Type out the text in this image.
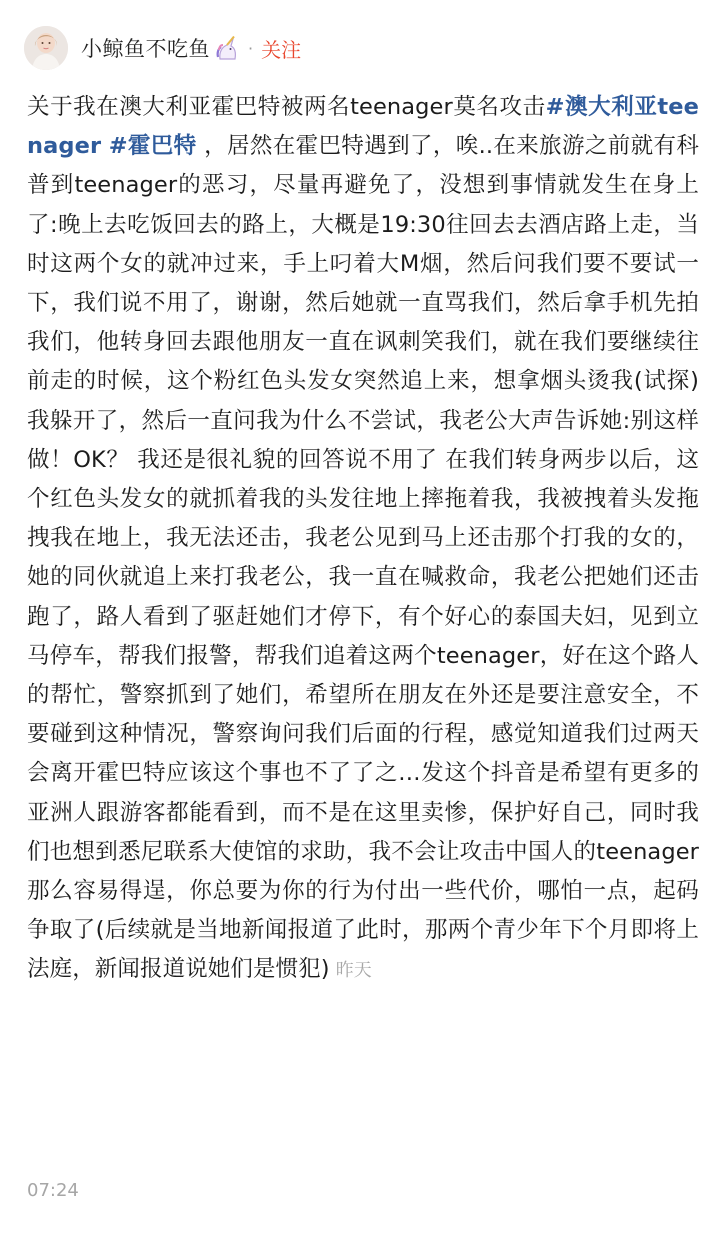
小鲸鱼不吃鱼 · 关注
关于我在澳大利亚霍巴特被两名teenager莫名攻击#澳大利亚teenager #霍巴特 ，居然在霍巴特遇到了，唉..在来旅游之前就有科普到teenager的恶习，尽量再避免了，没想到事情就发生在身上了:晚上去吃饭回去的路上，大概是19:30往回去去酒店路上走，当时这两个女的就冲过来，手上叼着大M烟，然后问我们要不要试一下，我们说不用了，谢谢，然后她就一直骂我们，然后拿手机先拍我们，他转身回去跟他朋友一直在讽刺笑我们，就在我们要继续往前走的时候，这个粉红色头发女突然追上来，想拿烟头烫我(试探)我躲开了，然后一直问我为什么不尝试，我老公大声告诉她:别这样做！OK？ 我还是很礼貌的回答说不用了 在我们转身两步以后，这个红色头发女的就抓着我的头发往地上摔拖着我，我被拽着头发拖拽我在地上，我无法还击，我老公见到马上还击那个打我的女的，她的同伙就追上来打我老公，我一直在喊救命，我老公把她们还击跑了，路人看到了驱赶她们才停下，有个好心的泰国夫妇，见到立马停车，帮我们报警，帮我们追着这两个teenager，好在这个路人的帮忙，警察抓到了她们，希望所在朋友在外还是要注意安全，不要碰到这种情况，警察询问我们后面的行程，感觉知道我们过两天会离开霍巴特应该这个事也不了了之…发这个抖音是希望有更多的亚洲人跟游客都能看到，而不是在这里卖惨，保护好自己，同时我们也想到悉尼联系大使馆的求助，我不会让攻击中国人的teenager那么容易得逞，你总要为你的行为付出一些代价，哪怕一点，起码争取了(后续就是当地新闻报道了此时，那两个青少年下个月即将上法庭，新闻报道说她们是惯犯) 昨天
07:24
